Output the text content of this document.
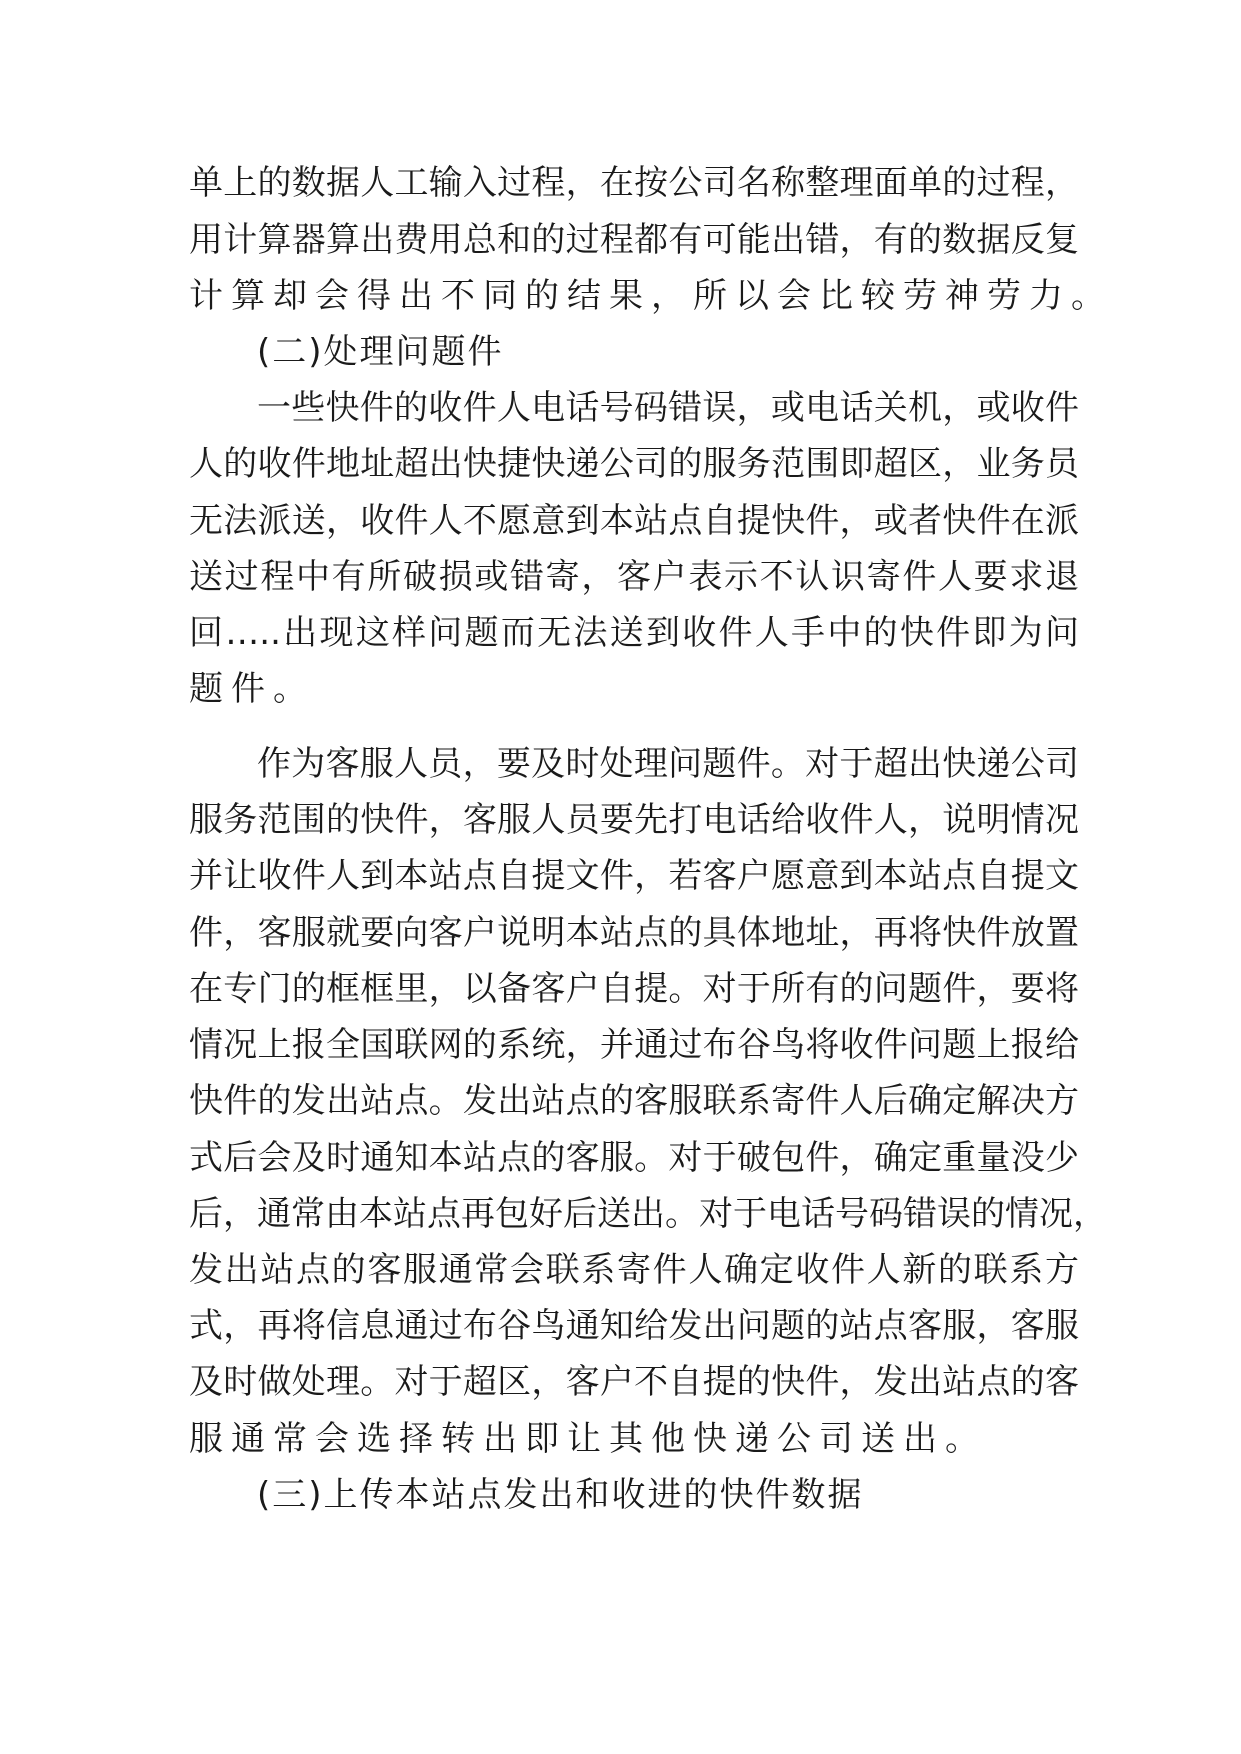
单上的数据人工输入过程，在按公司名称整理面单的过程，

用计算器算出费用总和的过程都有可能出错，有的数据反复

计算却会得出不同的结果，所以会比较劳神劳力。

(二)处理问题件

一些快件的收件人电话号码错误，或电话关机，或收件

人的收件地址超出快捷快递公司的服务范围即超区，业务员

无法派送，收件人不愿意到本站点自提快件，或者快件在派

送过程中有所破损或错寄，客户表示不认识寄件人要求退

回…..出现这样问题而无法送到收件人手中的快件即为问

题件。

作为客服人员，要及时处理问题件。对于超出快递公司

服务范围的快件，客服人员要先打电话给收件人，说明情况

并让收件人到本站点自提文件，若客户愿意到本站点自提文

件，客服就要向客户说明本站点的具体地址，再将快件放置

在专门的框框里，以备客户自提。对于所有的问题件，要将

情况上报全国联网的系统，并通过布谷鸟将收件问题上报给

快件的发出站点。发出站点的客服联系寄件人后确定解决方

式后会及时通知本站点的客服。对于破包件，确定重量没少

后，通常由本站点再包好后送出。对于电话号码错误的情况，

发出站点的客服通常会联系寄件人确定收件人新的联系方

式，再将信息通过布谷鸟通知给发出问题的站点客服，客服

及时做处理。对于超区，客户不自提的快件，发出站点的客

服通常会选择转出即让其他快递公司送出。

(三)上传本站点发出和收进的快件数据
